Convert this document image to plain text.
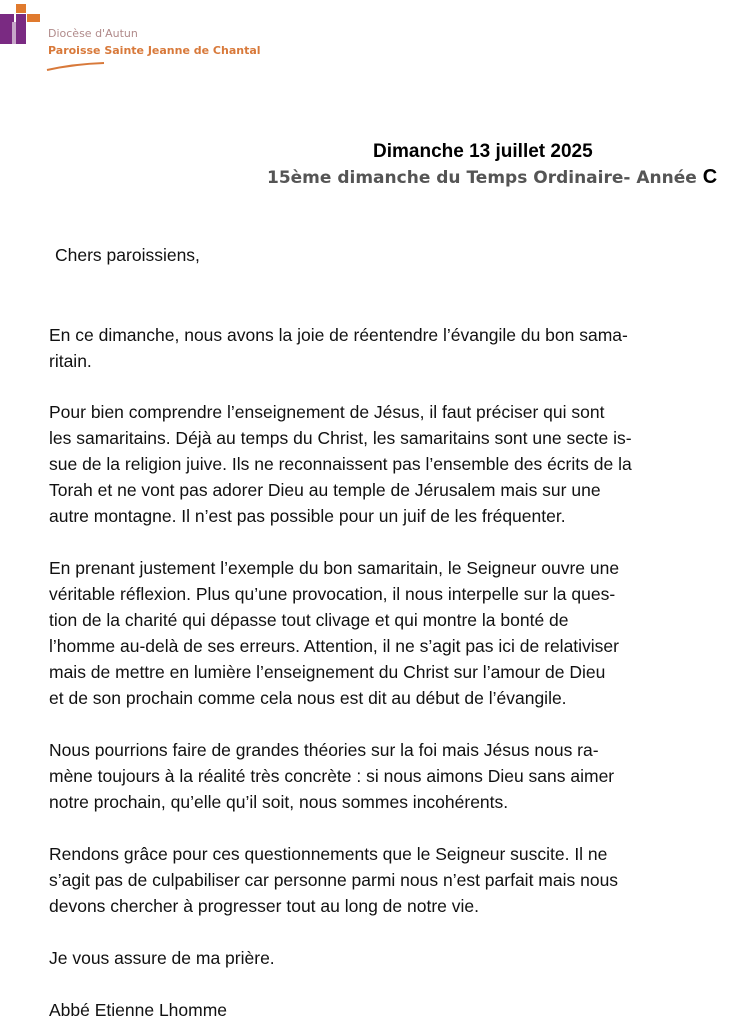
Diocèse d'Autun
Paroisse Sainte Jeanne de Chantal
Dimanche 13 juillet 2025
15ème dimanche du Temps Ordinaire- Année C
Chers paroissiens,
En ce dimanche, nous avons la joie de réentendre l’évangile du bon sama-
ritain.
Pour bien comprendre l’enseignement de Jésus, il faut préciser qui sont
les samaritains. Déjà au temps du Christ, les samaritains sont une secte is-
sue de la religion juive. Ils ne reconnaissent pas l’ensemble des écrits de la
Torah et ne vont pas adorer Dieu au temple de Jérusalem mais sur une
autre montagne. Il n’est pas possible pour un juif de les fréquenter.
En prenant justement l’exemple du bon samaritain, le Seigneur ouvre une
véritable réflexion. Plus qu’une provocation, il nous interpelle sur la ques-
tion de la charité qui dépasse tout clivage et qui montre la bonté de
l’homme au-delà de ses erreurs. Attention, il ne s’agit pas ici de relativiser
mais de mettre en lumière l’enseignement du Christ sur l’amour de Dieu
et de son prochain comme cela nous est dit au début de l’évangile.
Nous pourrions faire de grandes théories sur la foi mais Jésus nous ra-
mène toujours à la réalité très concrète : si nous aimons Dieu sans aimer
notre prochain, qu’elle qu’il soit, nous sommes incohérents.
Rendons grâce pour ces questionnements que le Seigneur suscite. Il ne
s’agit pas de culpabiliser car personne parmi nous n’est parfait mais nous
devons chercher à progresser tout au long de notre vie.
Je vous assure de ma prière.
Abbé Etienne Lhomme
